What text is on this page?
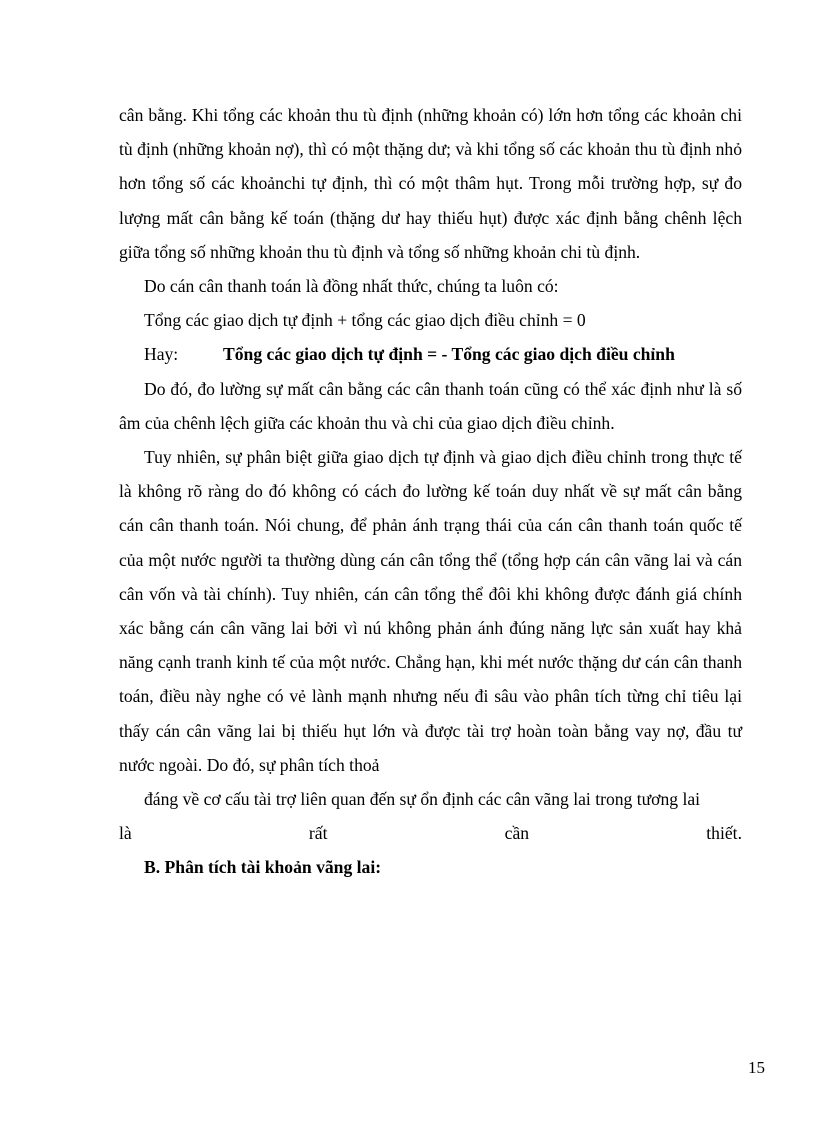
cân bằng. Khi tổng các khoản thu tù định (những khoản có) lớn hơn tổng các khoản chi tù định (những khoản nợ), thì có một thặng dư; và khi tổng số các khoản thu tù định nhỏ hơn tổng số các khoảnchi tự định, thì có một thâm hụt. Trong mỗi trường hợp, sự đo lượng mất cân bằng kế toán (thặng dư hay thiếu hụt) được xác định bằng chênh lệch giữa tổng số những khoản thu tù định và tổng số những khoản chi tù định.

Do cán cân thanh toán là đồng nhất thức, chúng ta luôn có:

Tổng các giao dịch tự định + tổng các giao dịch điều chỉnh = 0

Hay:	Tổng các giao dịch tự định = - Tổng các giao dịch điều chỉnh

Do đó, đo lường sự mất cân bằng các cân thanh toán cũng có thể xác định như là số âm của chênh lệch giữa các khoản thu và chi của giao dịch điều chỉnh.

Tuy nhiên, sự phân biệt giữa giao dịch tự định và giao dịch điều chỉnh trong thực tế là không rõ ràng do đó không có cách đo lường kế toán duy nhất về sự mất cân bằng cán cân thanh toán. Nói chung, để phản ánh trạng thái của cán cân thanh toán quốc tế của một nước người ta thường dùng cán cân tổng thể (tổng hợp cán cân vãng lai và cán cân vốn và tài chính). Tuy nhiên, cán cân tổng thể đôi khi không được đánh giá chính xác bằng cán cân vãng lai bởi vì nú không phản ánh đúng năng lực sản xuất hay khả năng cạnh tranh kinh tế của một nước. Chẳng hạn, khi mét nước thặng dư cán cân thanh toán, điều này nghe có vẻ lành mạnh nhưng nếu đi sâu vào phân tích từng chỉ tiêu lại thấy cán cân vãng lai bị thiếu hụt lớn và được tài trợ hoàn toàn bằng vay nợ, đầu tư nước ngoài. Do đó, sự phân tích thoả

đáng về cơ cấu tài trợ liên quan đến sự ổn định các cân vãng lai trong tương lai

là	rất	cần	thiết.

B. Phân tích tài khoản vãng lai:

15
